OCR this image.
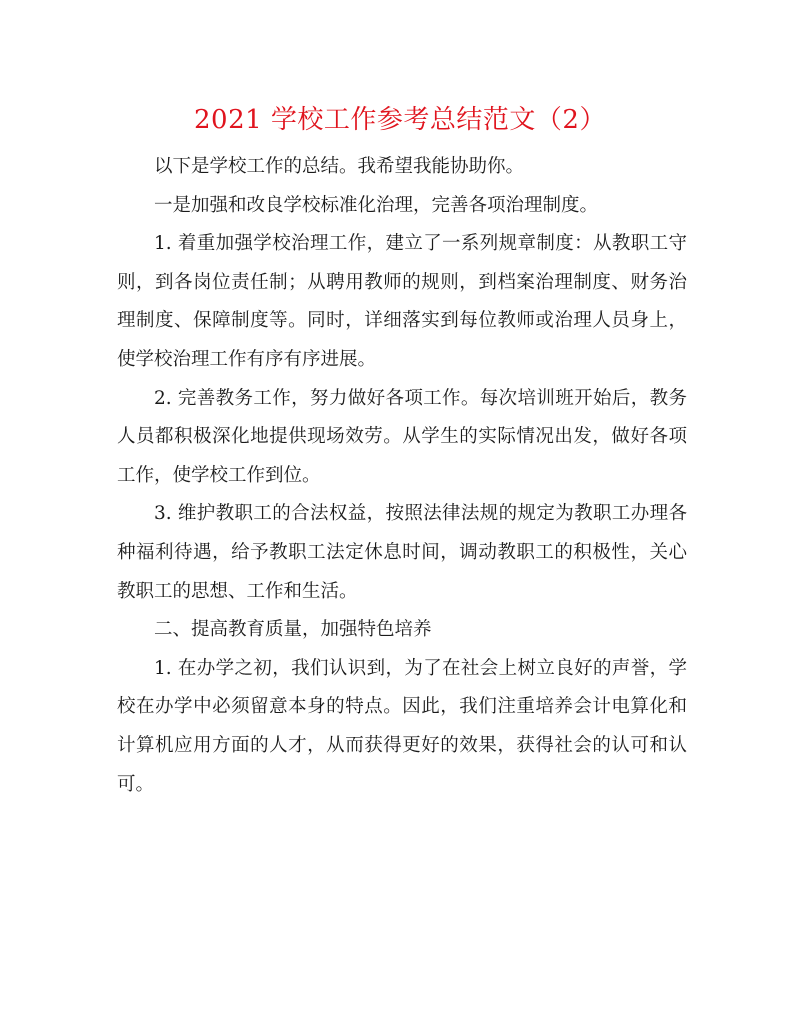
2021 学校工作参考总结范文（2）

以下是学校工作的总结。我希望我能协助你。

一是加强和改良学校标准化治理，完善各项治理制度。

1. 着重加强学校治理工作，建立了一系列规章制度：从教职工守则，到各岗位责任制；从聘用教师的规则，到档案治理制度、财务治理制度、保障制度等。同时，详细落实到每位教师或治理人员身上，使学校治理工作有序有序进展。

2. 完善教务工作，努力做好各项工作。每次培训班开始后，教务人员都积极深化地提供现场效劳。从学生的实际情况出发，做好各项工作，使学校工作到位。

3. 维护教职工的合法权益，按照法律法规的规定为教职工办理各种福利待遇，给予教职工法定休息时间，调动教职工的积极性，关心教职工的思想、工作和生活。

二、提高教育质量，加强特色培养

1. 在办学之初，我们认识到，为了在社会上树立良好的声誉，学校在办学中必须留意本身的特点。因此，我们注重培养会计电算化和计算机应用方面的人才，从而获得更好的效果，获得社会的认可和认可。
